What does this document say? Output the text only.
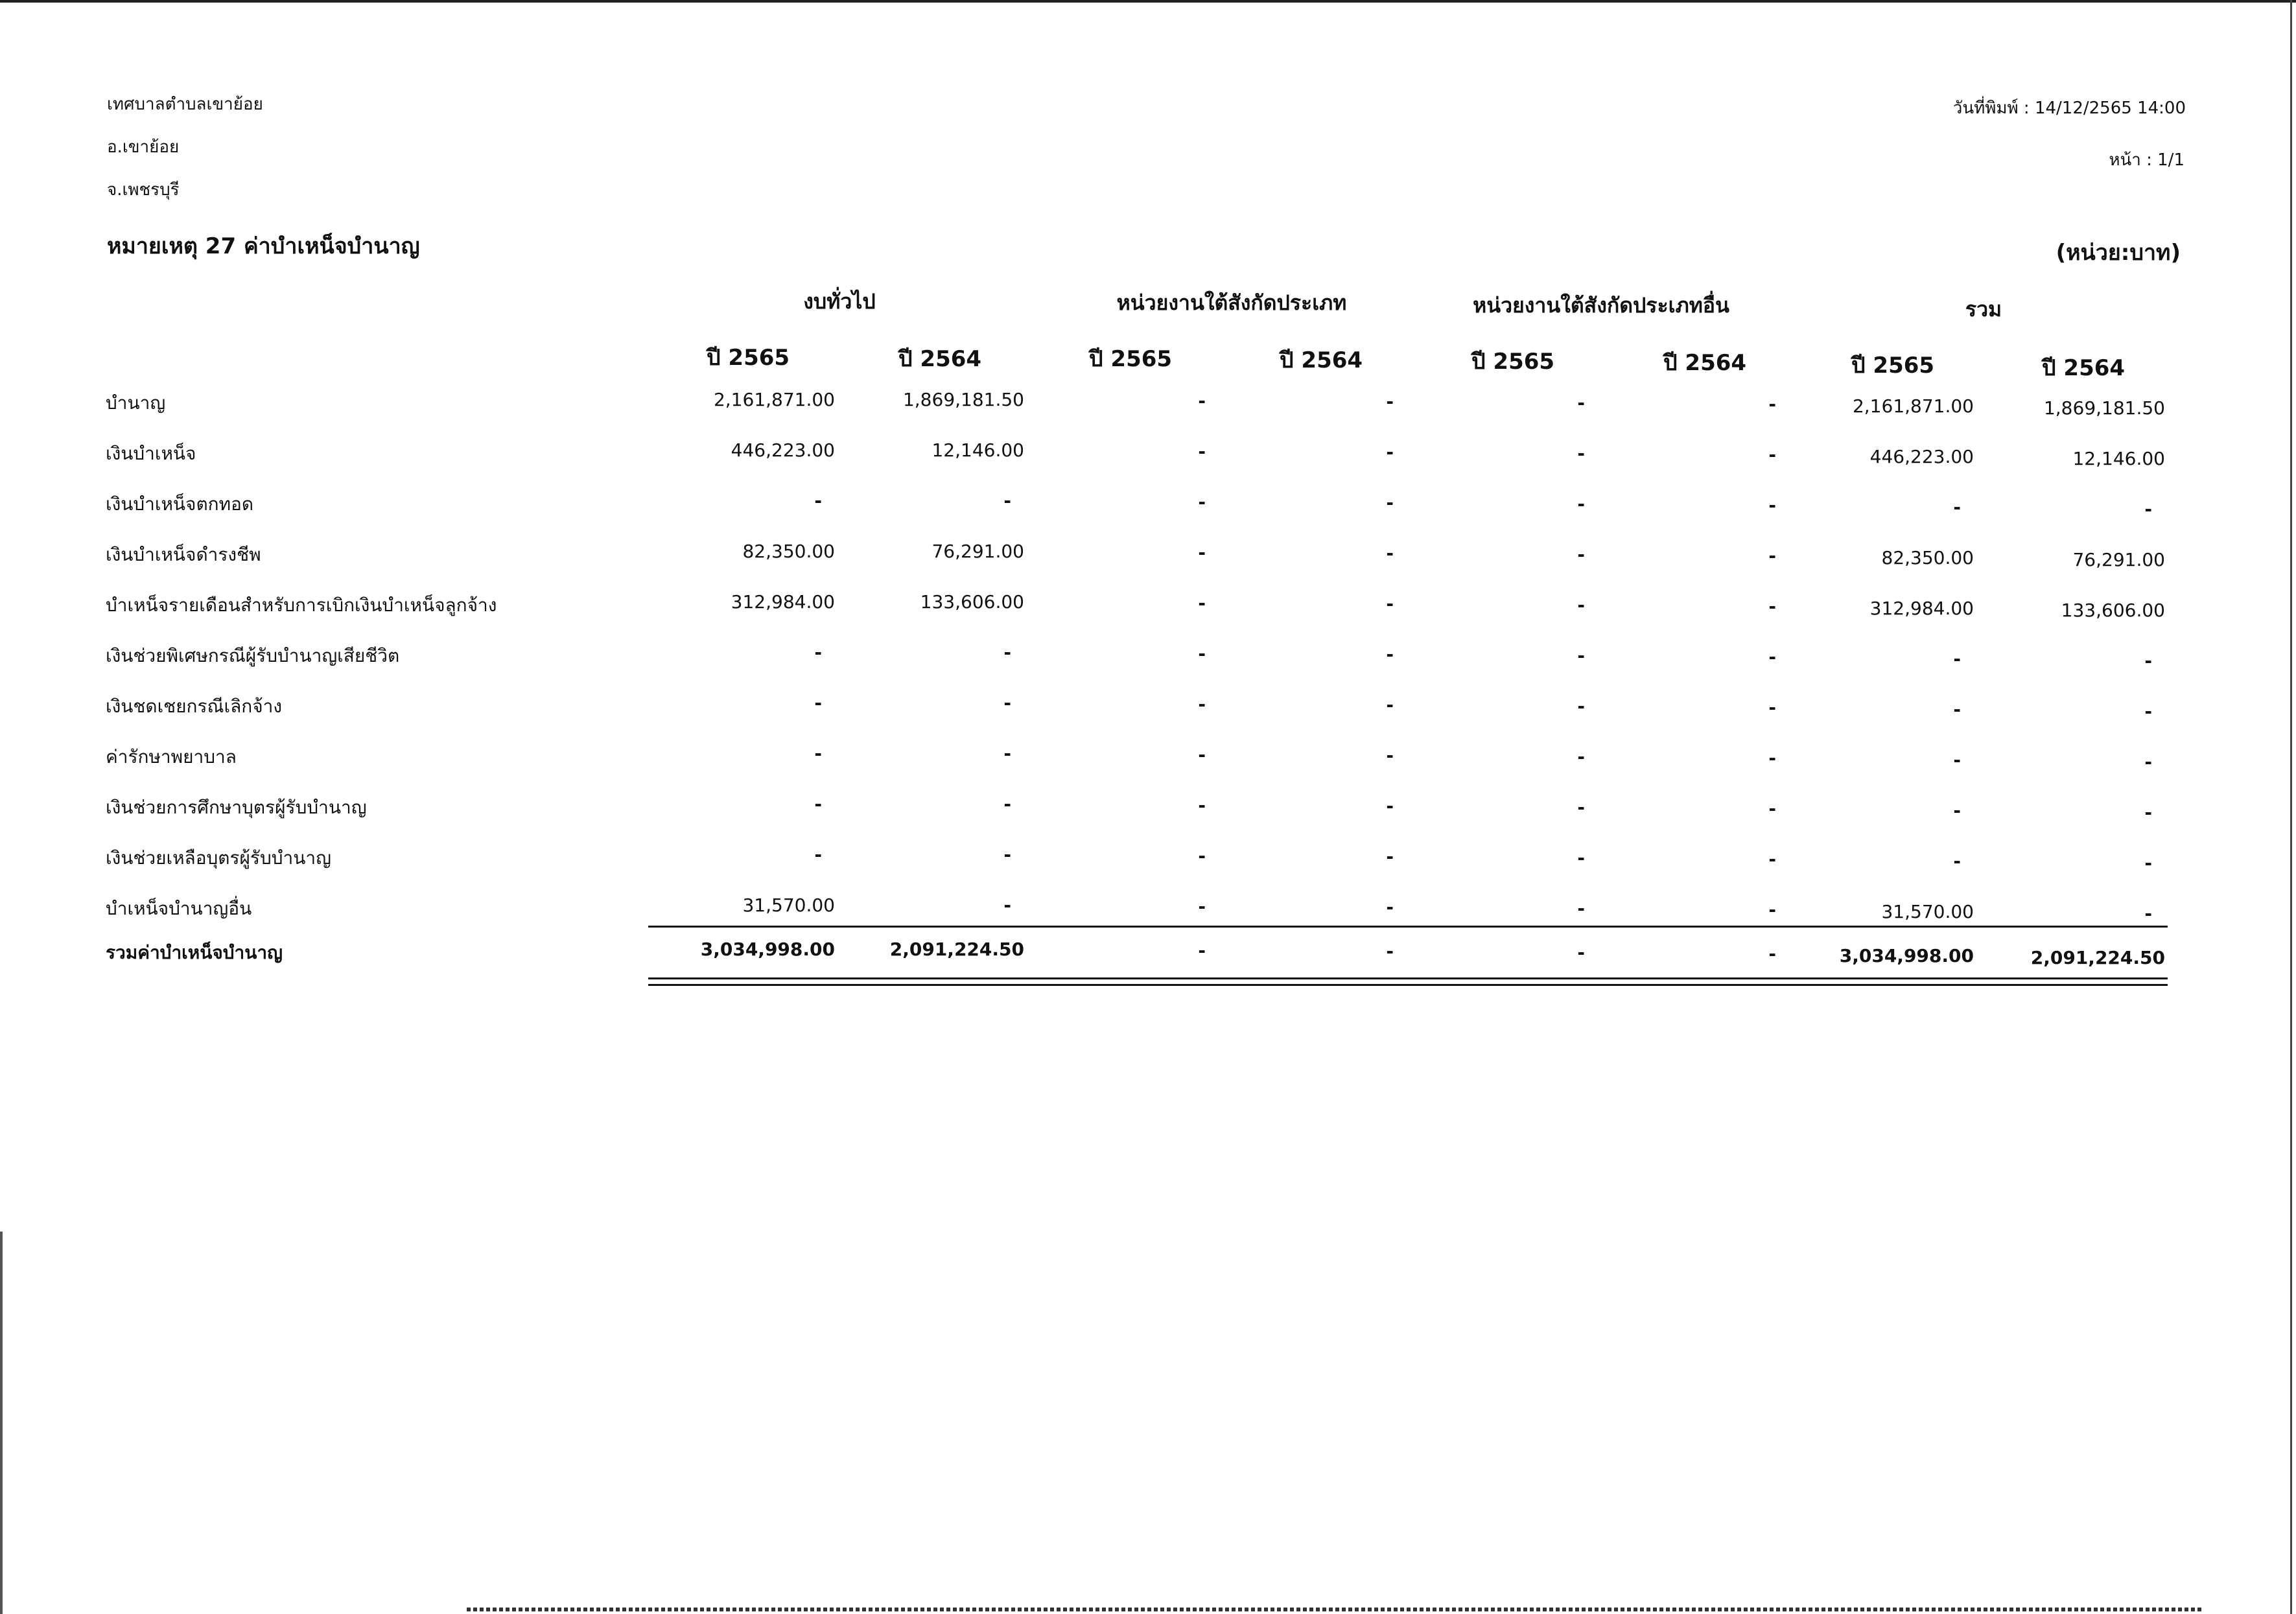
เทศบาลตำบลเขาย้อย
อ.เขาย้อย
จ.เพชรบุรี
วันที่พิมพ์ : 14/12/2565 14:00
หน้า : 1/1
หมายเหตุ 27 ค่าบำเหน็จบำนาญ	(หน่วย:บาท)
งบทั่วไป	หน่วยงานใต้สังกัดประเภท	หน่วยงานใต้สังกัดประเภทอื่น	รวม
ปี 2565	ปี 2564	ปี 2565	ปี 2564	ปี 2565	ปี 2564	ปี 2565	ปี 2564
บำนาญ	2,161,871.00	1,869,181.50	-	-	-	-	2,161,871.00	1,869,181.50
เงินบำเหน็จ	446,223.00	12,146.00	-	-	-	-	446,223.00	12,146.00
เงินบำเหน็จตกทอด	-	-	-	-	-	-	-	-
เงินบำเหน็จดำรงชีพ	82,350.00	76,291.00	-	-	-	-	82,350.00	76,291.00
บำเหน็จรายเดือนสำหรับการเบิกเงินบำเหน็จลูกจ้าง	312,984.00	133,606.00	-	-	-	-	312,984.00	133,606.00
เงินช่วยพิเศษกรณีผู้รับบำนาญเสียชีวิต	-	-	-	-	-	-	-	-
เงินชดเชยกรณีเลิกจ้าง	-	-	-	-	-	-	-	-
ค่ารักษาพยาบาล	-	-	-	-	-	-	-	-
เงินช่วยการศึกษาบุตรผู้รับบำนาญ	-	-	-	-	-	-	-	-
เงินช่วยเหลือบุตรผู้รับบำนาญ	-	-	-	-	-	-	-	-
บำเหน็จบำนาญอื่น	31,570.00	-	-	-	-	-	31,570.00	-
รวมค่าบำเหน็จบำนาญ	3,034,998.00	2,091,224.50	-	-	-	-	3,034,998.00	2,091,224.50
